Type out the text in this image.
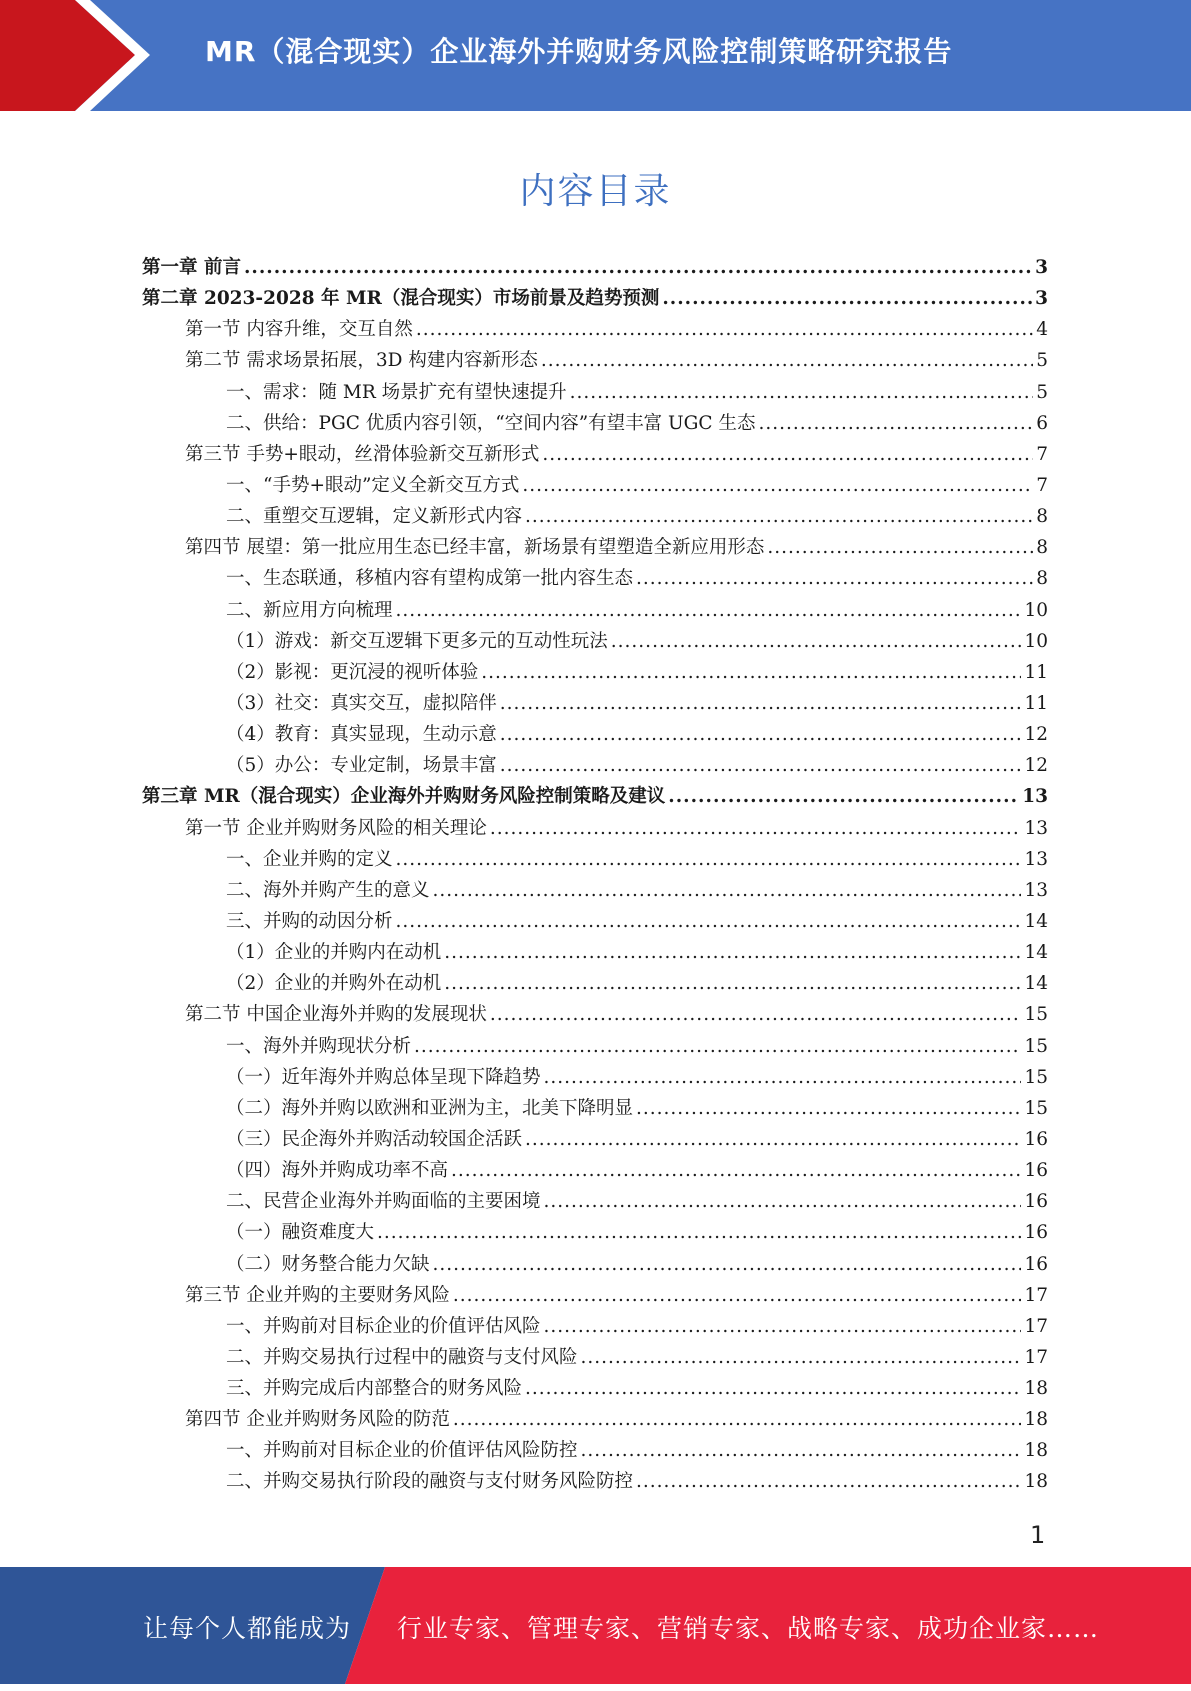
MR（混合现实）企业海外并购财务风险控制策略研究报告
内容目录
第一章 前言 .....	3
第二章 2023-2028 年 MR（混合现实）市场前景及趋势预测 .....	3
第一节 内容升维，交互自然 .....	4
第二节 需求场景拓展，3D 构建内容新形态 .....	5
一、需求：随 MR 场景扩充有望快速提升 .....	5
二、供给：PGC 优质内容引领，“空间内容”有望丰富 UGC 生态 .....	6
第三节 手势+眼动，丝滑体验新交互新形式 .....	7
一、“手势+眼动”定义全新交互方式 .....	7
二、重塑交互逻辑，定义新形式内容 .....	8
第四节 展望：第一批应用生态已经丰富，新场景有望塑造全新应用形态 .....	8
一、生态联通，移植内容有望构成第一批内容生态 .....	8
二、新应用方向梳理 .....	10
（1）游戏：新交互逻辑下更多元的互动性玩法 .....	10
（2）影视：更沉浸的视听体验 .....	11
（3）社交：真实交互，虚拟陪伴 .....	11
（4）教育：真实显现，生动示意 .....	12
（5）办公：专业定制，场景丰富 .....	12
第三章 MR（混合现实）企业海外并购财务风险控制策略及建议 .....	13
第一节 企业并购财务风险的相关理论 .....	13
一、企业并购的定义 .....	13
二、海外并购产生的意义 .....	13
三、并购的动因分析 .....	14
（1）企业的并购内在动机 .....	14
（2）企业的并购外在动机 .....	14
第二节 中国企业海外并购的发展现状 .....	15
一、海外并购现状分析 .....	15
（一）近年海外并购总体呈现下降趋势 .....	15
（二）海外并购以欧洲和亚洲为主，北美下降明显 .....	15
（三）民企海外并购活动较国企活跃 .....	16
（四）海外并购成功率不高 .....	16
二、民营企业海外并购面临的主要困境 .....	16
（一）融资难度大 .....	16
（二）财务整合能力欠缺 .....	16
第三节 企业并购的主要财务风险 .....	17
一、并购前对目标企业的价值评估风险 .....	17
二、并购交易执行过程中的融资与支付风险 .....	17
三、并购完成后内部整合的财务风险 .....	18
第四节 企业并购财务风险的防范 .....	18
一、并购前对目标企业的价值评估风险防控 .....	18
二、并购交易执行阶段的融资与支付财务风险防控 .....	18
1
让每个人都能成为 行业专家、管理专家、营销专家、战略专家、成功企业家……
